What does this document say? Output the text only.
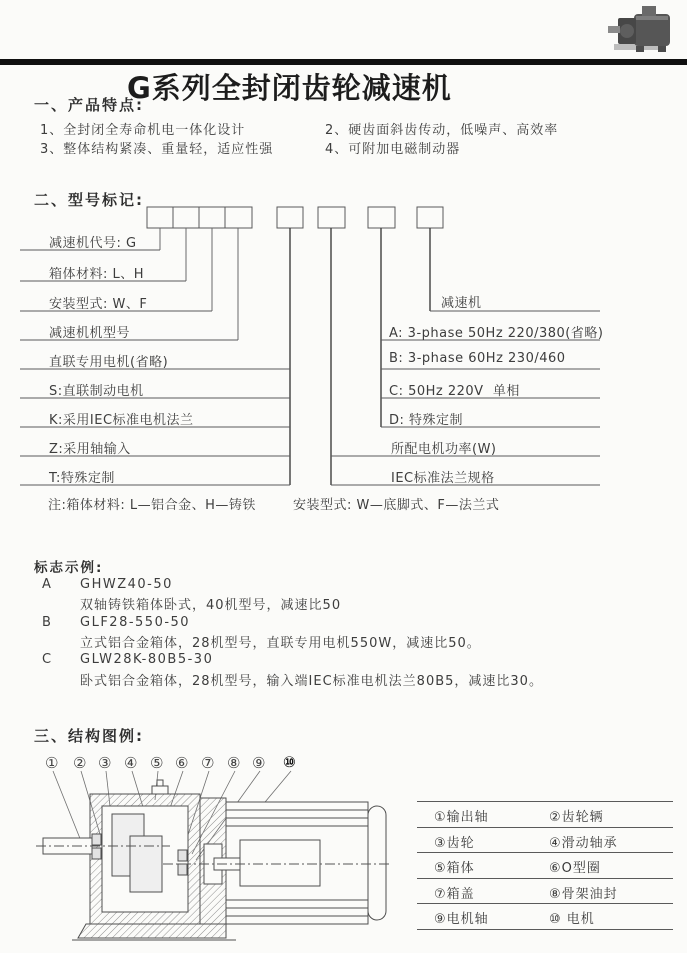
G系列全封闭齿轮减速机
一、产品特点:
1、全封闭全寿命机电一体化设计	2、硬齿面斜齿传动，低噪声、高效率
3、整体结构紧凑、重量轻，适应性强	4、可附加电磁制动器
二、型号标记:
减速机代号: G
箱体材料: L、H
安装型式: W、F
减速机机型号
直联专用电机(省略)
S:直联制动电机
K:采用IEC标准电机法兰
Z:采用轴输入
T:特殊定制
减速机
A: 3-phase 50Hz 220/380(省略)
B: 3-phase 60Hz 230/460
C: 50Hz 220V  单相
D: 特殊定制
所配电机功率(W)
IEC标准法兰规格
注:箱体材料: L—铝合金、H—铸铁	安装型式: W—底脚式、F—法兰式
标志示例:
A GHWZ40-50
双轴铸铁箱体卧式，40机型号，减速比50
B GLF28-550-50
立式铝合金箱体，28机型号，直联专用电机550W，减速比50。
C GLW28K-80B5-30
卧式铝合金箱体，28机型号，输入端IEC标准电机法兰80B5，减速比30。
三、结构图例:
① ② ③ ④ ⑤ ⑥ ⑦ ⑧ ⑨ ⑩
①输出轴	②齿轮辆
③齿轮	④滑动轴承
⑤箱体	⑥O型圈
⑦箱盖	⑧骨架油封
⑨电机轴	⑩ 电机
